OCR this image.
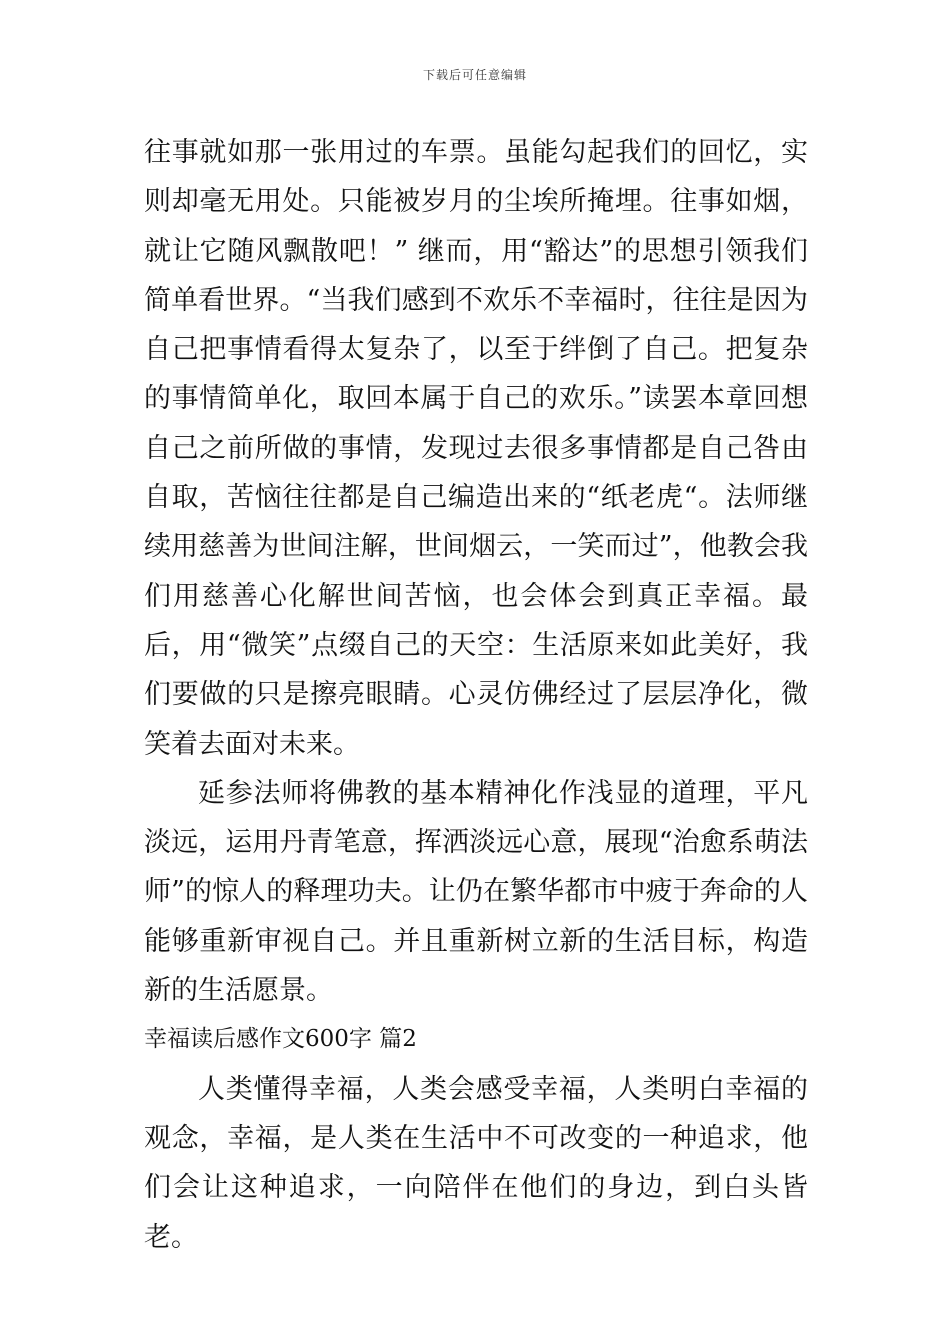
下载后可任意编辑

往事就如那一张用过的车票。虽能勾起我们的回忆，实则却毫无用处。只能被岁月的尘埃所掩埋。往事如烟，就让它随风飘散吧！” 继而，用“豁达”的思想引领我们简单看世界。“当我们感到不欢乐不幸福时，往往是因为自己把事情看得太复杂了，以至于绊倒了自己。把复杂的事情简单化，取回本属于自己的欢乐。”读罢本章回想自己之前所做的事情，发现过去很多事情都是自己咎由自取，苦恼往往都是自己编造出来的“纸老虎“。法师继续用慈善为世间注解，世间烟云，一笑而过”，他教会我们用慈善心化解世间苦恼，也会体会到真正幸福。最后，用“微笑”点缀自己的天空：生活原来如此美好，我们要做的只是擦亮眼睛。心灵仿佛经过了层层净化，微笑着去面对未来。

延参法师将佛教的基本精神化作浅显的道理，平凡淡远，运用丹青笔意，挥洒淡远心意，展现“治愈系萌法师”的惊人的释理功夫。让仍在繁华都市中疲于奔命的人能够重新审视自己。并且重新树立新的生活目标，构造新的生活愿景。

幸福读后感作文600字 篇2

人类懂得幸福，人类会感受幸福，人类明白幸福的观念，幸福，是人类在生活中不可改变的一种追求，他们会让这种追求，一向陪伴在他们的身边，到白头皆老。
